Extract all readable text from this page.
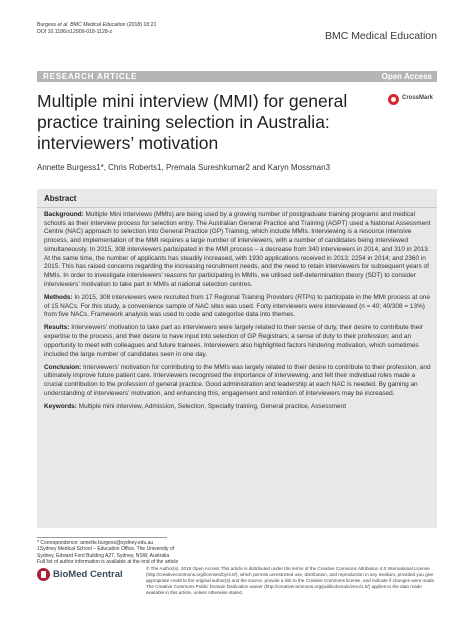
Burgess et al. BMC Medical Education (2018) 18:21
DOI 10.1186/s12909-018-1128-z	BMC Medical Education
RESEARCH ARTICLE	Open Access
Multiple mini interview (MMI) for general practice training selection in Australia: interviewers’ motivation
CrossMark
Annette Burgess1*, Chris Roberts1, Premala Sureshkumar2 and Karyn Mossman3
Abstract

Background: Multiple Mini Interviews (MMIs) are being used by a growing number of postgraduate training programs and medical schools as their interview process for selection entry. The Australian General Practice and Training (AGPT) used a National Assessment Centre (NAC) approach to selection into General Practice (GP) Training, which include MMIs. Interviewing is a resource intensive process, and implementation of the MMI requires a large number of interviewers, with a number of candidates being interviewed simultaneously. In 2015, 308 interviewers participated in the MMI process – a decrease from 340 interviewers in 2014, and 310 in 2013. At the same time, the number of applicants has steadily increased, with 1930 applications received in 2013; 2254 in 2014; and 2360 in 2015. This has raised concerns regarding the increasing recruitment needs, and the need to retain interviewers for subsequent years of MMIs. In order to investigate interviewers’ reasons for participating in MMIs, we utilised self-determination theory (SDT) to consider interviewers’ motivation to take part in MMIs at national selection centres.

Methods: In 2015, 308 interviewers were recruited from 17 Regional Training Providers (RTPs) to participate in the MMI process at one of 15 NACs. For this study, a convenience sample of NAC sites was used. Forty interviewers were interviewed (n = 40; 40/308 = 13%) from five NACs. Framework analysis was used to code and categorise data into themes.

Results: Interviewers’ motivation to take part as interviewers were largely related to their sense of duty, their desire to contribute their expertise to the process, and their desire to have input into selection of GP Registrars; a sense of duty to their profession; and an opportunity to meet with colleagues and future trainees. Interviewers also highlighted factors hindering motivation, which sometimes included the large number of candidates seen in one day.

Conclusion: Interviewers’ motivation for contributing to the MMIs was largely related to their desire to contribute to their profession, and ultimately improve future patient care. Interviewers recognised the importance of interviewing, and felt their individual roles made a crucial contribution to the profession of general practice. Good administration and leadership at each NAC is needed. By gaining an understanding of interviewers’ motivation, and enhancing this, engagement and retention of interviewers may be increased.

Keywords: Multiple mini interview, Admission, Selection, Specialty training, General practice, Assessment

* Correspondence: annette.burgess@sydney.edu.au
1Sydney Medical School – Education Office, The University of Sydney, Edward Ford Building A27, Sydney, NSW, Australia
Full list of author information is available at the end of the article
BioMed Central
© The Author(s). 2018 Open Access This article is distributed under the terms of the Creative Commons Attribution 4.0 International License (http://creativecommons.org/licenses/by/4.0/), which permits unrestricted use, distribution, and reproduction in any medium, provided you give appropriate credit to the original author(s) and the source, provide a link to the Creative Commons license, and indicate if changes were made. The Creative Commons Public Domain Dedication waiver (http://creativecommons.org/publicdomain/zero/1.0/) applies to the data made available in this article, unless otherwise stated.
